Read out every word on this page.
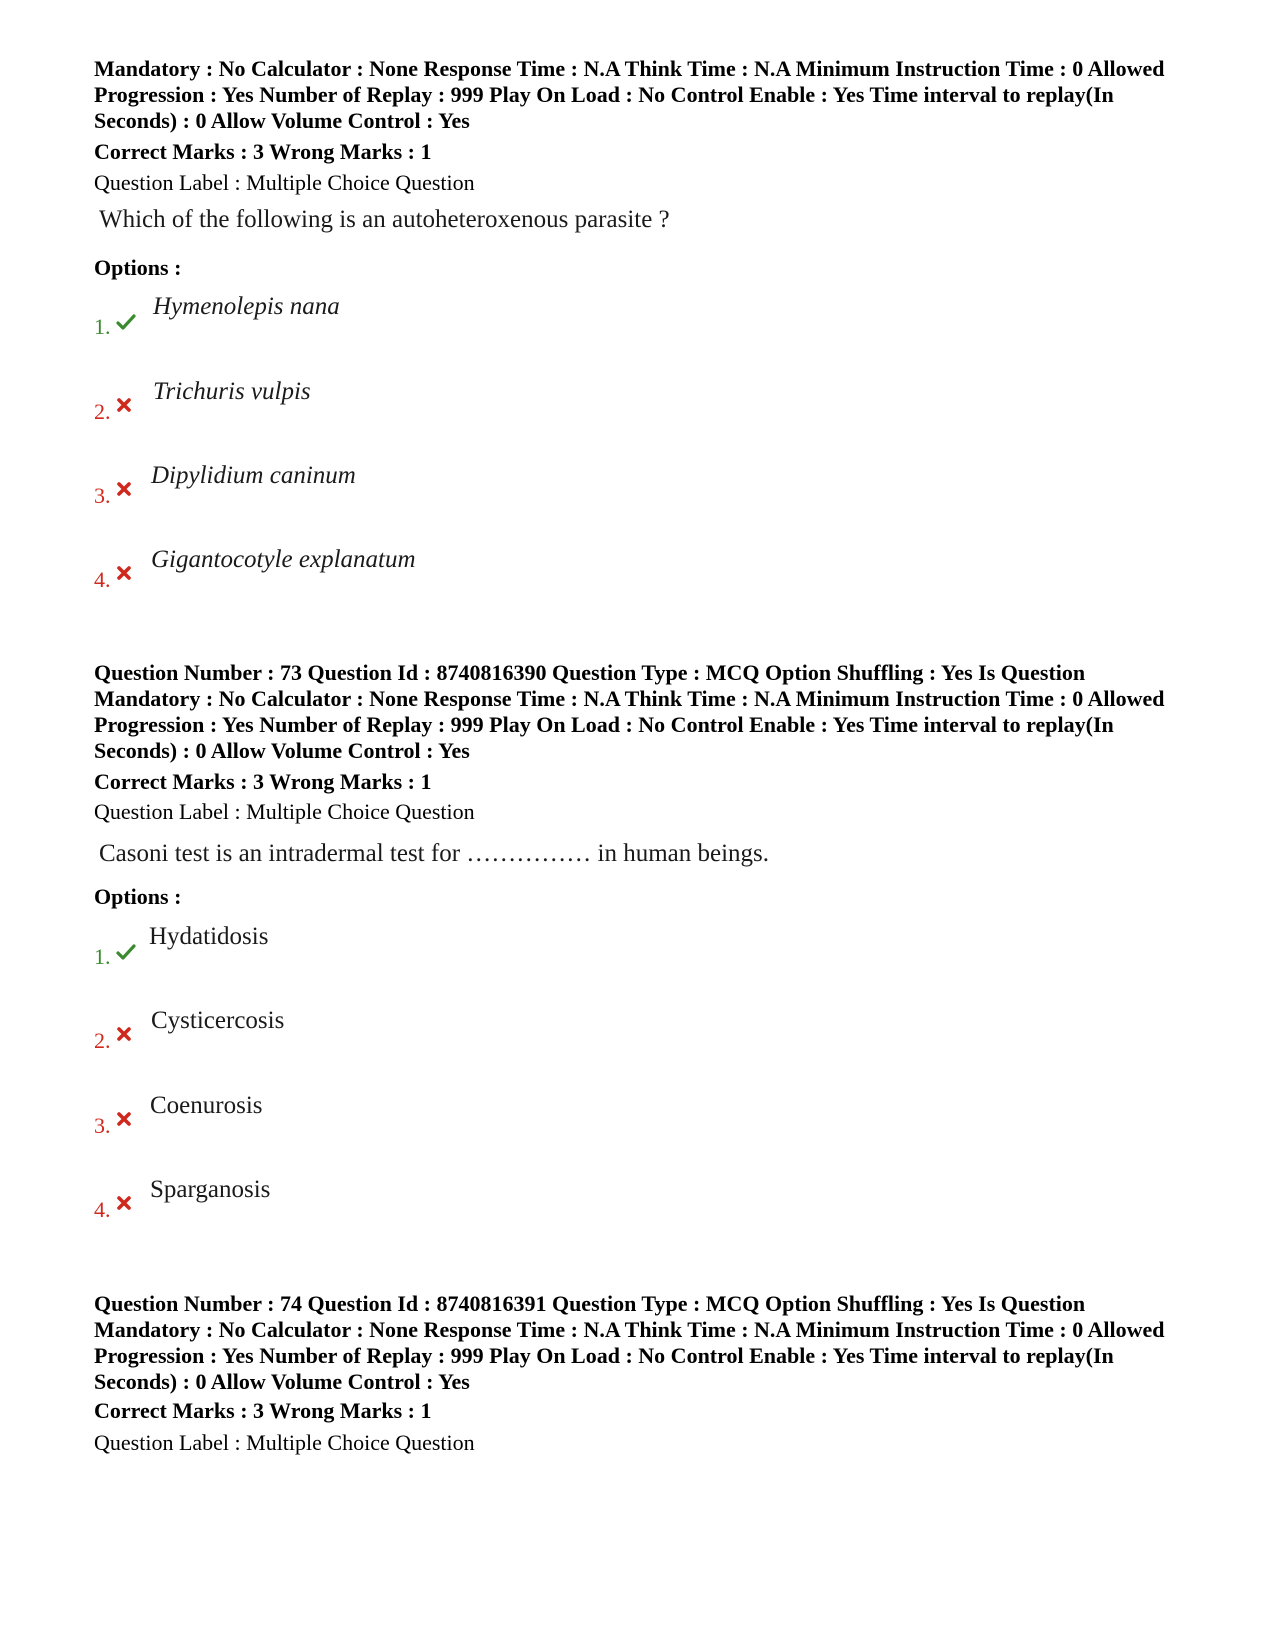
Mandatory : No Calculator : None Response Time : N.A Think Time : N.A Minimum Instruction Time : 0 Allowed Progression : Yes Number of Replay : 999 Play On Load : No Control Enable : Yes Time interval to replay(In Seconds) : 0 Allow Volume Control : Yes

Correct Marks : 3 Wrong Marks : 1
Question Label : Multiple Choice Question
Which of the following is an autoheteroxenous parasite ?
Options :
1.
Hymenolepis nana
2.
Trichuris vulpis
3.
Dipylidium caninum
4.
Gigantocotyle explanatum

Question Number : 73 Question Id : 8740816390 Question Type : MCQ Option Shuffling : Yes Is Question Mandatory : No Calculator : None Response Time : N.A Think Time : N.A Minimum Instruction Time : 0 Allowed Progression : Yes Number of Replay : 999 Play On Load : No Control Enable : Yes Time interval to replay(In Seconds) : 0 Allow Volume Control : Yes

Correct Marks : 3 Wrong Marks : 1
Question Label : Multiple Choice Question
Casoni test is an intradermal test for …………… in human beings.
Options :
1.
Hydatidosis
2.
Cysticercosis
3.
Coenurosis
4.
Sparganosis

Question Number : 74 Question Id : 8740816391 Question Type : MCQ Option Shuffling : Yes Is Question Mandatory : No Calculator : None Response Time : N.A Think Time : N.A Minimum Instruction Time : 0 Allowed Progression : Yes Number of Replay : 999 Play On Load : No Control Enable : Yes Time interval to replay(In Seconds) : 0 Allow Volume Control : Yes

Correct Marks : 3 Wrong Marks : 1
Question Label : Multiple Choice Question
